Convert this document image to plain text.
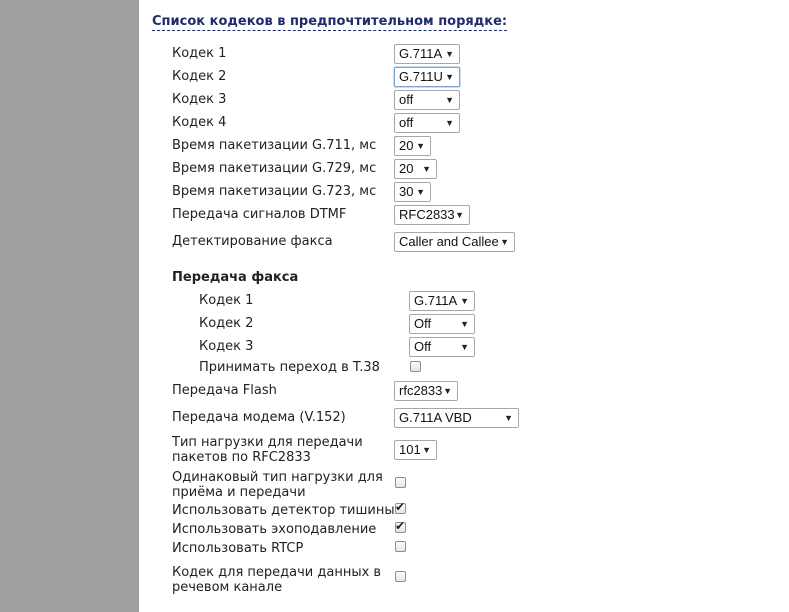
Список кодеков в предпочтительном порядке:
Кодек 1	G.711A ▼
Кодек 2	G.711U ▼
Кодек 3	off	▼
Кодек 4	off	▼
Время пакетизации G.711, мс 20 ▼
Время пакетизации G.729, мс 20 ▼
Время пакетизации G.723, мс 30 ▼
Передача сигналов DTMF	RFC2833 ▼
Детектирование факса	Caller and Callee ▼
Передача факса
Кодек 1	G.711A ▼
Кодек 2	Off	▼
Кодек 3	Off	▼
Принимать переход в T.38
Передача Flash	rfc2833 ▼
Передача модема (V.152)	G.711A VBD	▼
Тип нагрузки для передачи
пакетов по RFC2833
101 ▼
Одинаковый тип нагрузки для
приёма и передачи
Использовать детектор тишины ✔
Использовать эхоподавление ✔
Использовать RTCP
Кодек для передачи данных в
речевом канале
